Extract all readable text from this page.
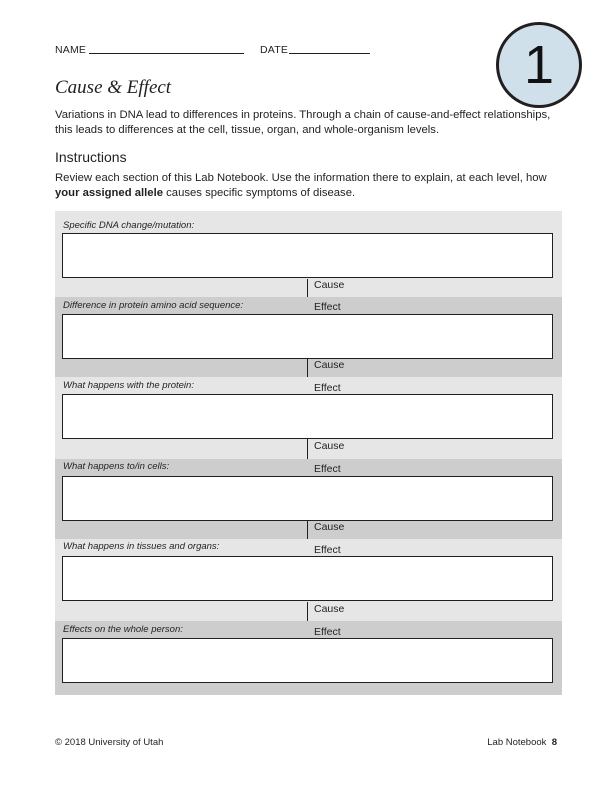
NAME	DATE	1
Cause & Effect
Variations in DNA lead to differences in proteins. Through a chain of cause-and-effect relationships, this leads to differences at the cell, tissue, organ, and whole-organism levels.
Instructions
Review each section of this Lab Notebook. Use the information there to explain, at each level, how your assigned allele causes specific symptoms of disease.
Specific DNA change/mutation:
Cause
Effect
Difference in protein amino acid sequence:
Cause
Effect
What happens with the protein:
Cause
Effect
What happens to/in cells:
Cause
Effect
What happens in tissues and organs:
Cause
Effect
Effects on the whole person:
© 2018 University of Utah	Lab Notebook 8
